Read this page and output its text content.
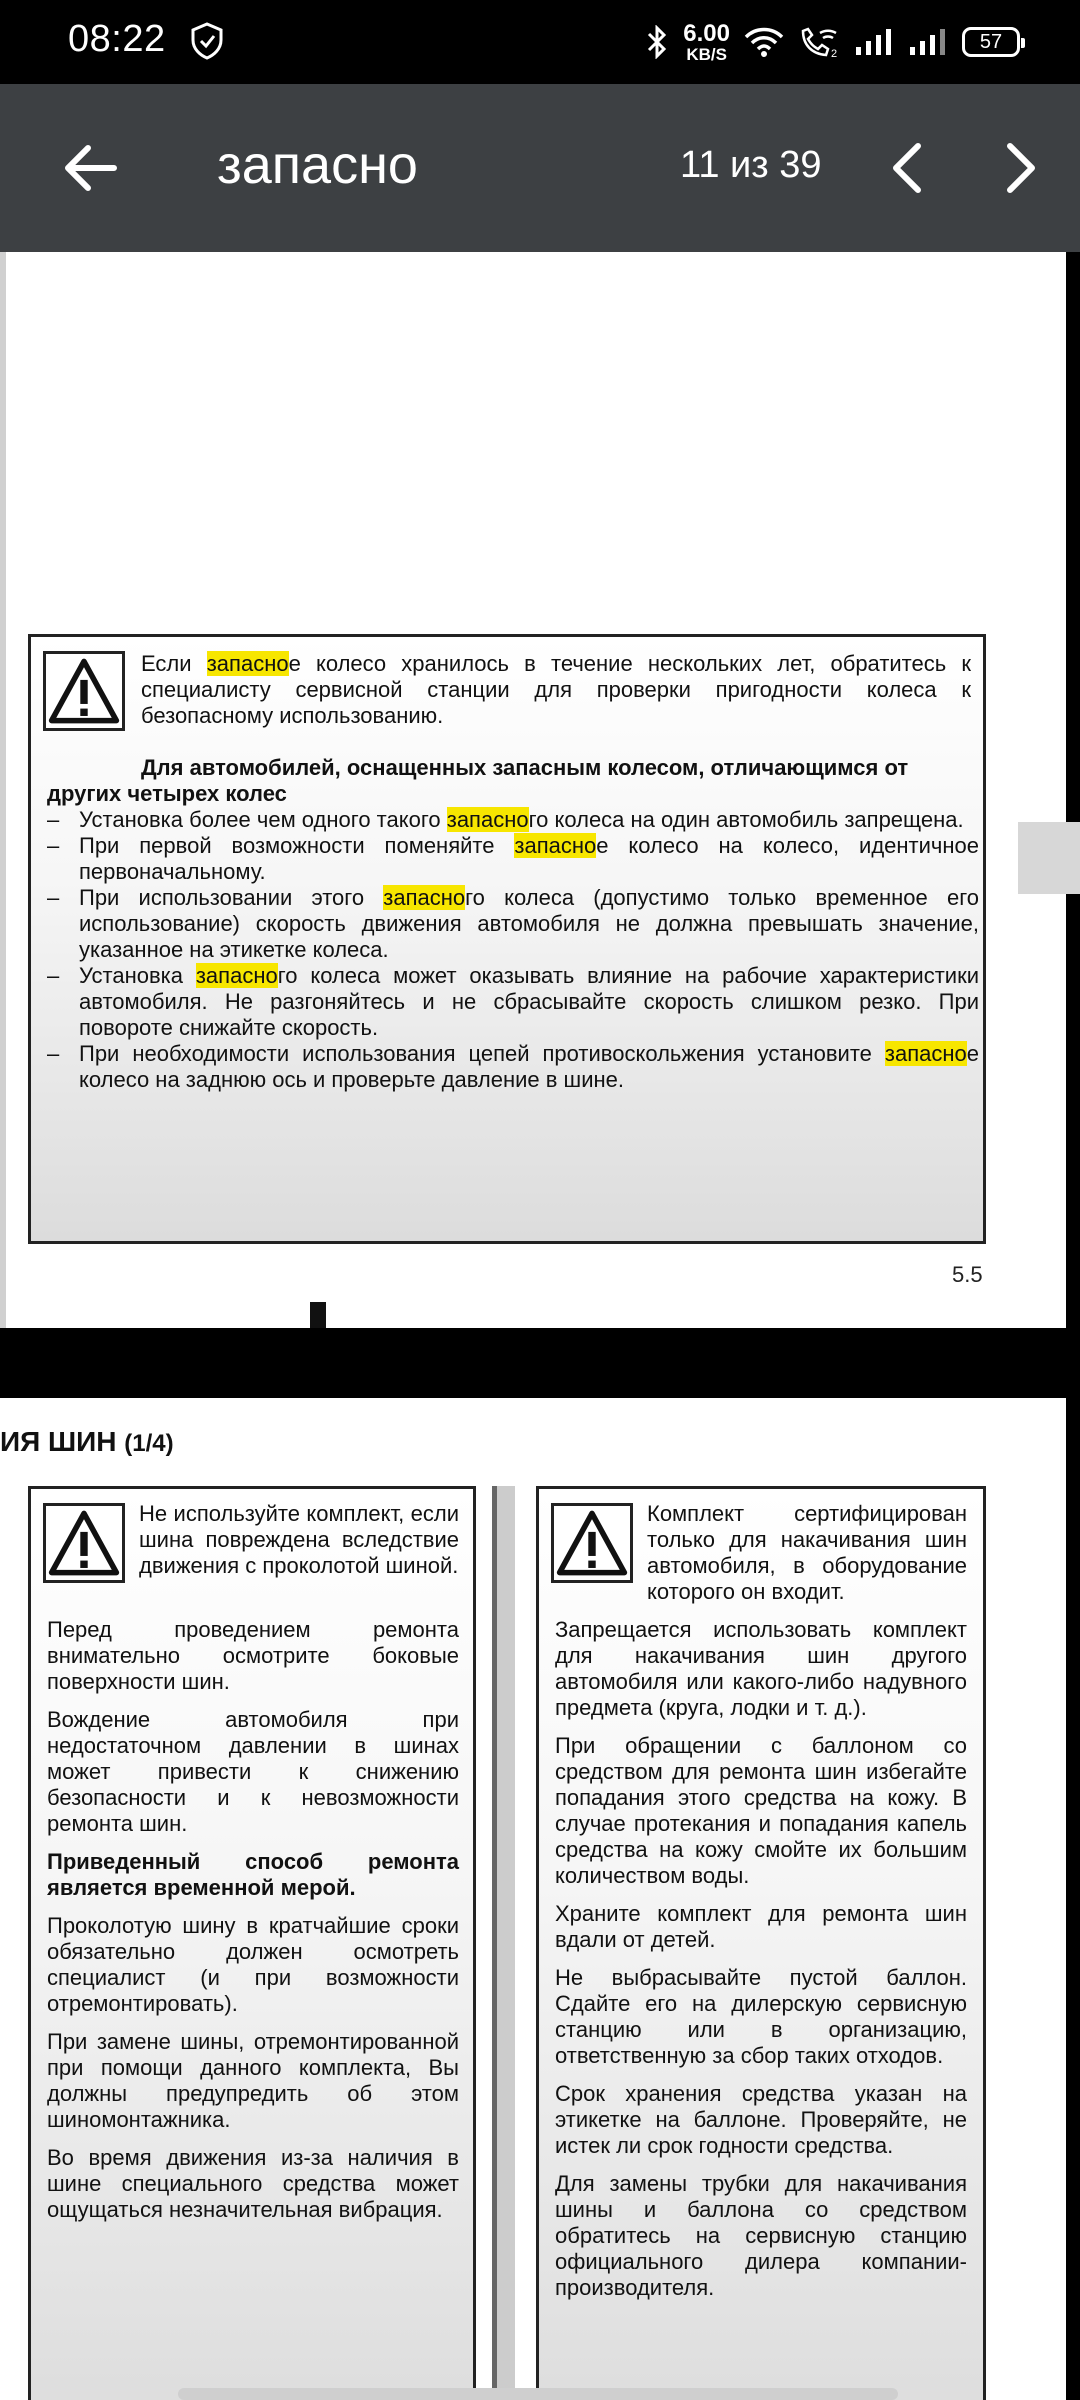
08:22	6.00
KB/S	2
57
запасно	11 из 39
Если запасное колесо хранилось в течение нескольких лет, обратитесь к специалисту сервисной станции для проверки пригодности колеса к безопасному использованию.
Для автомобилей, оснащенных запасным колесом, отличающимся от других четырех колес
– Установка более чем одного такого запасного колеса на один автомобиль запрещена.
– При первой возможности поменяйте запасное колесо на колесо, идентичное первоначальному.
– При использовании этого запасного колеса (допустимо только временное его использование) скорость движения автомобиля не должна превышать значение, указанное на этикетке колеса.
– Установка запасного колеса может оказывать влияние на рабочие характеристики автомобиля. Не разгоняйтесь и не сбрасывайте скорость слишком резко. При повороте снижайте скорость.
– При необходимости использования цепей противоскольжения установите запасное колесо на заднюю ось и проверьте давление в шине.
5.5
ИЯ ШИН (1/4)
Не используйте комплект, если шина повреждена вследствие движения с проколотой шиной.

Перед проведением ремонта внимательно осмотрите боковые поверхности шин.

Вождение автомобиля при недостаточном давлении в шинах может привести к снижению безопасности и к невозможности ремонта шин.

Приведенный способ ремонта является временной мерой.

Проколотую шину в кратчайшие сроки обязательно должен осмотреть специалист (и при возможности отремонтировать).

При замене шины, отремонтированной при помощи данного комплекта, Вы должны предупредить об этом шиномонтажника.

Во время движения из-за наличия в шине специального средства может ощущаться незначительная вибрация.

Комплект сертифицирован только для накачивания шин автомобиля, в оборудование которого он входит.

Запрещается использовать комплект для накачивания шин другого автомобиля или какого-либо надувного предмета (круга, лодки и т. д.).

При обращении с баллоном со средством для ремонта шин избегайте попадания этого средства на кожу. В случае протекания и попадания капель средства на кожу смойте их большим количеством воды.

Храните комплект для ремонта шин вдали от детей.

Не выбрасывайте пустой баллон. Сдайте его на дилерскую сервисную станцию или в организацию, ответственную за сбор таких отходов.

Срок хранения средства указан на этикетке на баллоне. Проверяйте, не истек ли срок годности средства.

Для замены трубки для накачивания шины и баллона со средством обратитесь на сервисную станцию официального дилера компании-производителя.
